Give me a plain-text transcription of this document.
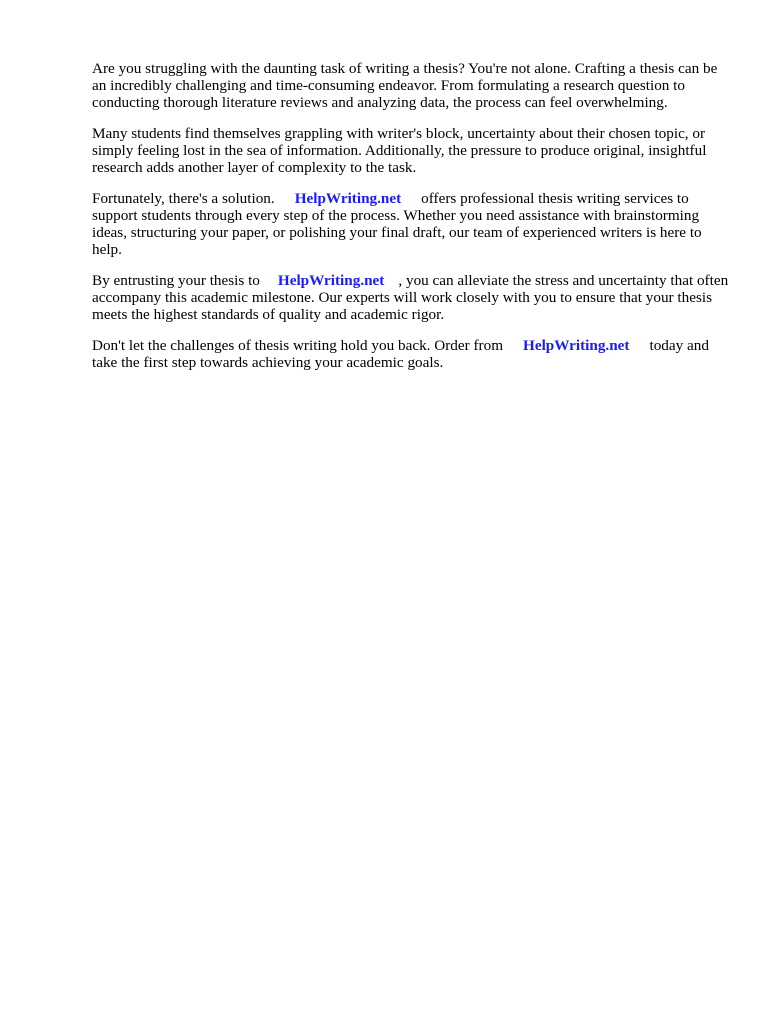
Are you struggling with the daunting task of writing a thesis? You're not alone. Crafting a thesis can be an incredibly challenging and time-consuming endeavor. From formulating a research question to conducting thorough literature reviews and analyzing data, the process can feel overwhelming.

Many students find themselves grappling with writer's block, uncertainty about their chosen topic, or simply feeling lost in the sea of information. Additionally, the pressure to produce original, insightful research adds another layer of complexity to the task.

Fortunately, there's a solution. HelpWriting.net offers professional thesis writing services to support students through every step of the process. Whether you need assistance with brainstorming ideas, structuring your paper, or polishing your final draft, our team of experienced writers is here to help.

By entrusting your thesis to HelpWriting.net , you can alleviate the stress and uncertainty that often accompany this academic milestone. Our experts will work closely with you to ensure that your thesis meets the highest standards of quality and academic rigor.

Don't let the challenges of thesis writing hold you back. Order from HelpWriting.net today and take the first step towards achieving your academic goals.
